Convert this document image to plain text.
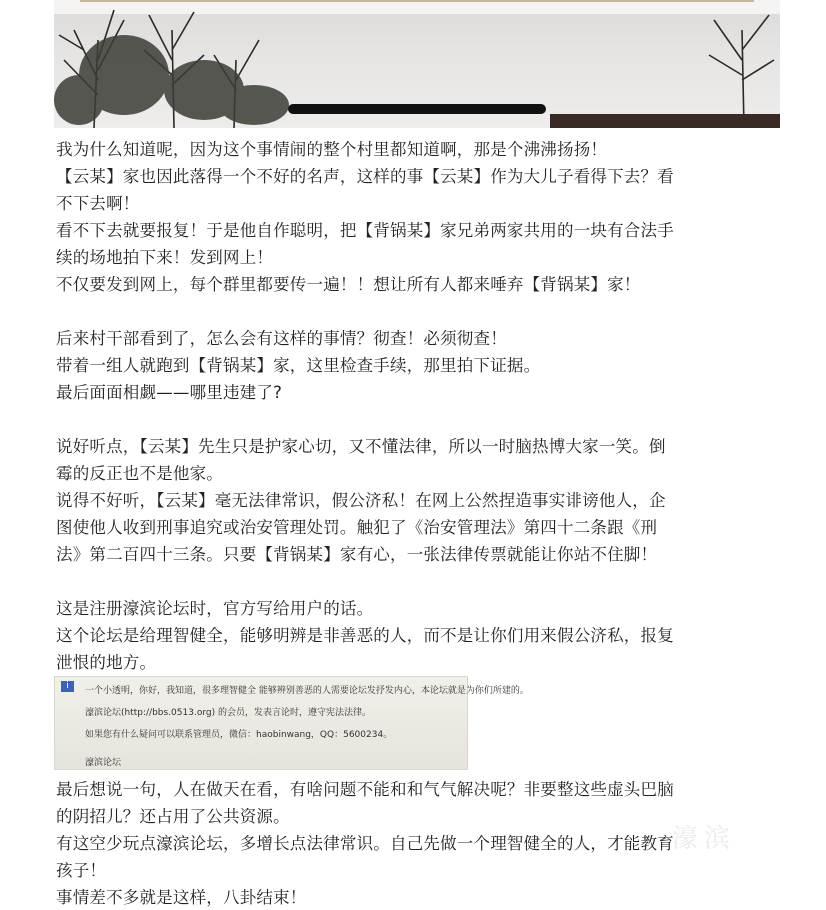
我为什么知道呢，因为这个事情闹的整个村里都知道啊，那是个沸沸扬扬！
【云某】家也因此落得一个不好的名声，这样的事【云某】作为大儿子看得下去？看
不下去啊！
看不下去就要报复！于是他自作聪明，把【背锅某】家兄弟两家共用的一块有合法手
续的场地拍下来！发到网上！
不仅要发到网上，每个群里都要传一遍！！想让所有人都来唾弃【背锅某】家！
后来村干部看到了，怎么会有这样的事情？彻查！必须彻查！
带着一组人就跑到【背锅某】家，这里检查手续，那里拍下证据。
最后面面相觑——哪里违建了?
说好听点，【云某】先生只是护家心切，又不懂法律，所以一时脑热博大家一笑。倒
霉的反正也不是他家。
说得不好听，【云某】毫无法律常识，假公济私！在网上公然捏造事实诽谤他人，企
图使他人收到刑事追究或治安管理处罚。触犯了《治安管理法》第四十二条跟《刑
法》第二百四十三条。只要【背锅某】家有心，一张法律传票就能让你站不住脚！
这是注册濠滨论坛时，官方写给用户的话。
这个论坛是给理智健全，能够明辨是非善恶的人，而不是让你们用来假公济私，报复
泄恨的地方。
i	一个小透明，你好，我知道，很多理智健全 能够辨别善恶的人需要论坛发抒发内心，本论坛就是为你们所建的。
濠滨论坛(http://bbs.0513.org) 的会员，发表言论时，遵守宪法法律。
如果您有什么疑问可以联系管理员，微信：haobinwang，QQ：5600234。
濠滨论坛
最后想说一句，人在做天在看，有啥问题不能和和气气解决呢？非要整这些虚头巴脑
的阴招儿？还占用了公共资源。
有这空少玩点濠滨论坛，多增长点法律常识。自己先做一个理智健全的人，才能教育
孩子！
事情差不多就是这样，八卦结束！
濠滨
